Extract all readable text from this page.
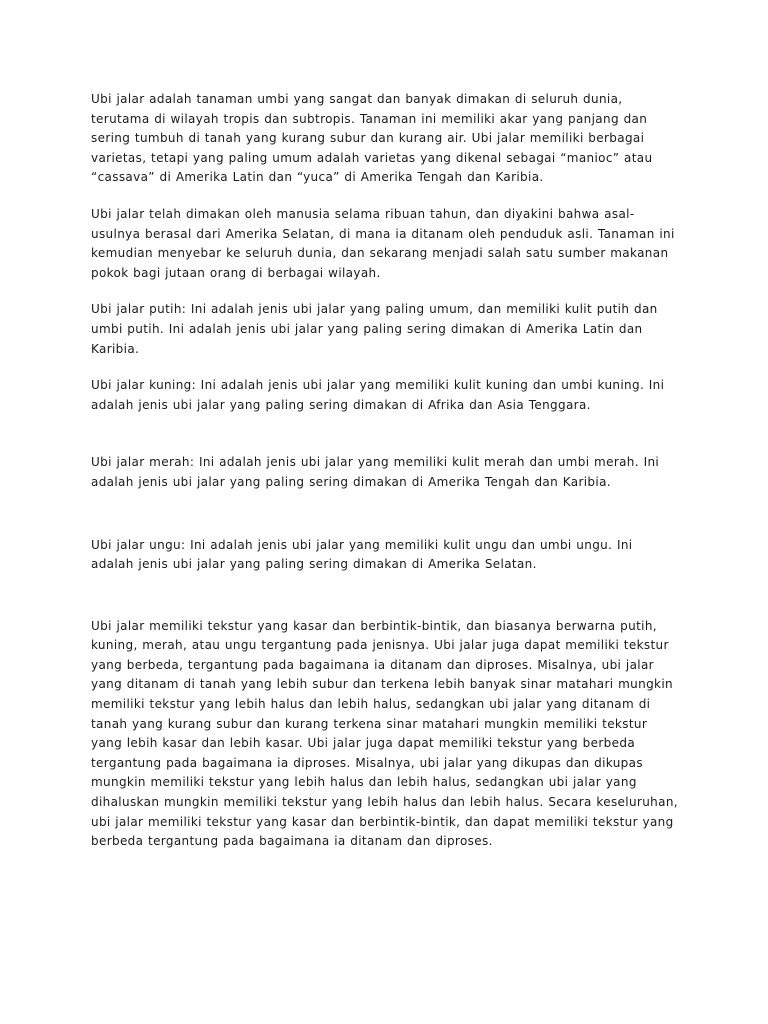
Ubi jalar adalah tanaman umbi yang sangat dan banyak dimakan di seluruh dunia, terutama di wilayah tropis dan subtropis. Tanaman ini memiliki akar yang panjang dan sering tumbuh di tanah yang kurang subur dan kurang air. Ubi jalar memiliki berbagai varietas, tetapi yang paling umum adalah varietas yang dikenal sebagai “manioc” atau “cassava” di Amerika Latin dan “yuca” di Amerika Tengah dan Karibia.

Ubi jalar telah dimakan oleh manusia selama ribuan tahun, dan diyakini bahwa asal-usulnya berasal dari Amerika Selatan, di mana ia ditanam oleh penduduk asli. Tanaman ini kemudian menyebar ke seluruh dunia, dan sekarang menjadi salah satu sumber makanan pokok bagi jutaan orang di berbagai wilayah.

Ubi jalar putih: Ini adalah jenis ubi jalar yang paling umum, dan memiliki kulit putih dan umbi putih. Ini adalah jenis ubi jalar yang paling sering dimakan di Amerika Latin dan Karibia.

Ubi jalar kuning: Ini adalah jenis ubi jalar yang memiliki kulit kuning dan umbi kuning. Ini adalah jenis ubi jalar yang paling sering dimakan di Afrika dan Asia Tenggara.

Ubi jalar merah: Ini adalah jenis ubi jalar yang memiliki kulit merah dan umbi merah. Ini adalah jenis ubi jalar yang paling sering dimakan di Amerika Tengah dan Karibia.

Ubi jalar ungu: Ini adalah jenis ubi jalar yang memiliki kulit ungu dan umbi ungu. Ini adalah jenis ubi jalar yang paling sering dimakan di Amerika Selatan.

Ubi jalar memiliki tekstur yang kasar dan berbintik-bintik, dan biasanya berwarna putih, kuning, merah, atau ungu tergantung pada jenisnya. Ubi jalar juga dapat memiliki tekstur yang berbeda, tergantung pada bagaimana ia ditanam dan diproses. Misalnya, ubi jalar yang ditanam di tanah yang lebih subur dan terkena lebih banyak sinar matahari mungkin memiliki tekstur yang lebih halus dan lebih halus, sedangkan ubi jalar yang ditanam di tanah yang kurang subur dan kurang terkena sinar matahari mungkin memiliki tekstur yang lebih kasar dan lebih kasar. Ubi jalar juga dapat memiliki tekstur yang berbeda tergantung pada bagaimana ia diproses. Misalnya, ubi jalar yang dikupas dan dikupas mungkin memiliki tekstur yang lebih halus dan lebih halus, sedangkan ubi jalar yang dihaluskan mungkin memiliki tekstur yang lebih halus dan lebih halus. Secara keseluruhan, ubi jalar memiliki tekstur yang kasar dan berbintik-bintik, dan dapat memiliki tekstur yang berbeda tergantung pada bagaimana ia ditanam dan diproses.
